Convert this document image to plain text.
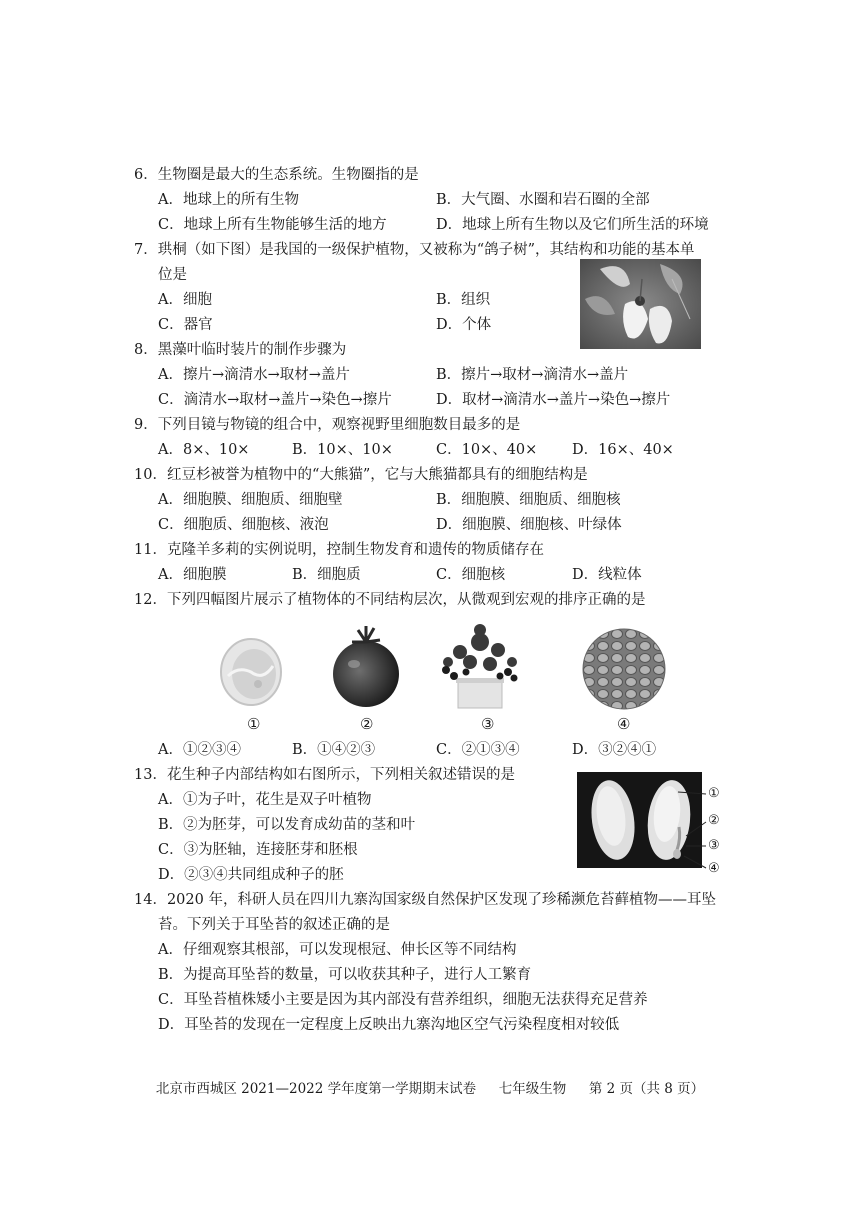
6．生物圈是最大的生态系统。生物圈指的是
A．地球上的所有生物	B．大气圈、水圈和岩石圈的全部
C．地球上所有生物能够生活的地方	D．地球上所有生物以及它们所生活的环境
7．珙桐（如下图）是我国的一级保护植物，又被称为“鸽子树”，其结构和功能的基本单
位是
A．细胞	B．组织
C．器官	D．个体
8．黑藻叶临时装片的制作步骤为
A．擦片→滴清水→取材→盖片	B．擦片→取材→滴清水→盖片
C．滴清水→取材→盖片→染色→擦片	D．取材→滴清水→盖片→染色→擦片
9．下列目镜与物镜的组合中，观察视野里细胞数目最多的是
A．8×、10×	B．10×、10×	C．10×、40× D．16×、40×
10．红豆杉被誉为植物中的“大熊猫”，它与大熊猫都具有的细胞结构是
A．细胞膜、细胞质、细胞壁	B．细胞膜、细胞质、细胞核
C．细胞质、细胞核、液泡	D．细胞膜、细胞核、叶绿体
11．克隆羊多莉的实例说明，控制生物发育和遗传的物质储存在
A．细胞膜	B．细胞质	C．细胞核	D．线粒体
12．下列四幅图片展示了植物体的不同结构层次，从微观到宏观的排序正确的是
①	②	③	④
A．①②③④	B．①④②③	C．②①③④	D．③②④①
13．花生种子内部结构如右图所示，下列相关叙述错误的是
A．①为子叶，花生是双子叶植物
B．②为胚芽，可以发育成幼苗的茎和叶
C．③为胚轴，连接胚芽和胚根
D．②③④共同组成种子的胚
①
②
③
④
14．2020 年，科研人员在四川九寨沟国家级自然保护区发现了珍稀濒危苔藓植物——耳坠
苔。下列关于耳坠苔的叙述正确的是
A．仔细观察其根部，可以发现根冠、伸长区等不同结构
B．为提高耳坠苔的数量，可以收获其种子，进行人工繁育
C．耳坠苔植株矮小主要是因为其内部没有营养组织，细胞无法获得充足营养
D．耳坠苔的发现在一定程度上反映出九寨沟地区空气污染程度相对较低
北京市西城区 2021—2022 学年度第一学期期末试卷 七年级生物 第 2 页（共 8 页）
